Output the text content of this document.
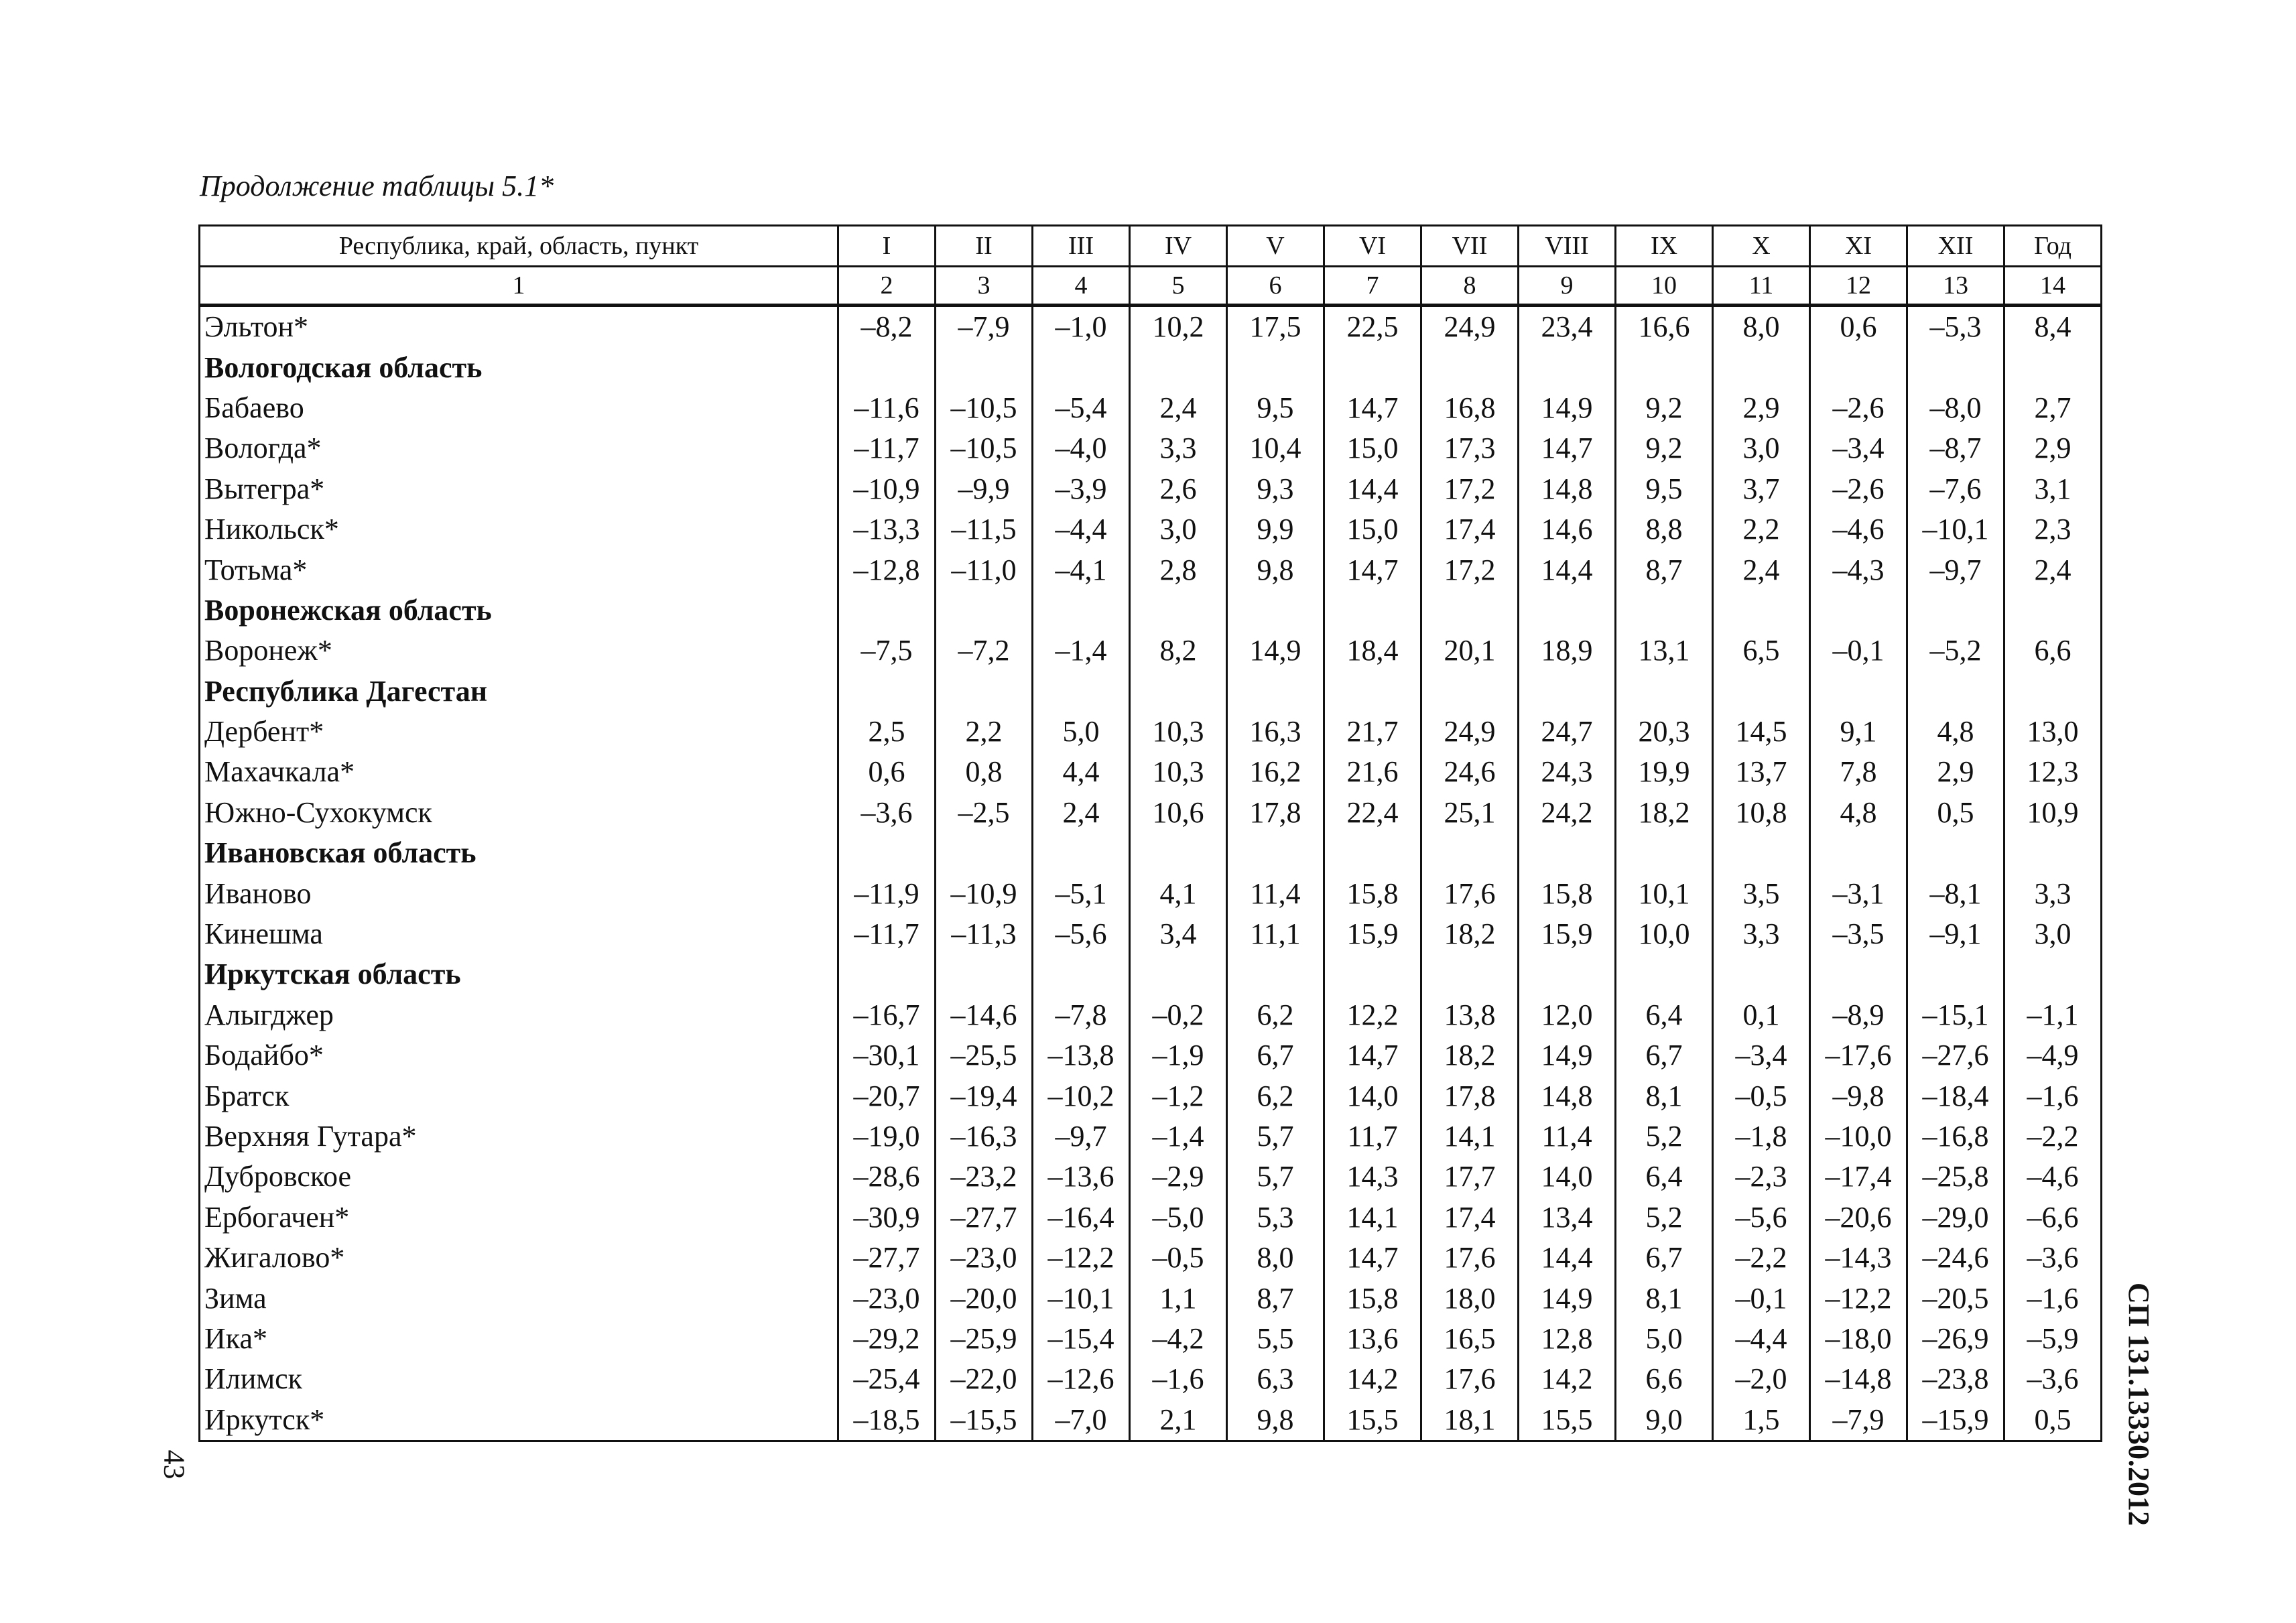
Продолжение таблицы 5.1*
Республика, край, область, пункт	I	II	III	IV	V	VI	VII	VIII	IX	X	XI	XII	Год
1	2	3	4	5	6	7	8	9	10	11	12	13	14
Эльтон*	–8,2	–7,9	–1,0	10,2	17,5	22,5	24,9	23,4	16,6	8,0	0,6	–5,3	8,4
Вологодская область													
Бабаево	–11,6	–10,5	–5,4	2,4	9,5	14,7	16,8	14,9	9,2	2,9	–2,6	–8,0	2,7
Вологда*	–11,7	–10,5	–4,0	3,3	10,4	15,0	17,3	14,7	9,2	3,0	–3,4	–8,7	2,9
Вытегра*	–10,9	–9,9	–3,9	2,6	9,3	14,4	17,2	14,8	9,5	3,7	–2,6	–7,6	3,1
Никольск*	–13,3	–11,5	–4,4	3,0	9,9	15,0	17,4	14,6	8,8	2,2	–4,6	–10,1	2,3
Тотьма*	–12,8	–11,0	–4,1	2,8	9,8	14,7	17,2	14,4	8,7	2,4	–4,3	–9,7	2,4
Воронежская область													
Воронеж*	–7,5	–7,2	–1,4	8,2	14,9	18,4	20,1	18,9	13,1	6,5	–0,1	–5,2	6,6
Республика Дагестан													
Дербент*	2,5	2,2	5,0	10,3	16,3	21,7	24,9	24,7	20,3	14,5	9,1	4,8	13,0
Махачкала*	0,6	0,8	4,4	10,3	16,2	21,6	24,6	24,3	19,9	13,7	7,8	2,9	12,3
Южно-Сухокумск	–3,6	–2,5	2,4	10,6	17,8	22,4	25,1	24,2	18,2	10,8	4,8	0,5	10,9
Ивановская область													
Иваново	–11,9	–10,9	–5,1	4,1	11,4	15,8	17,6	15,8	10,1	3,5	–3,1	–8,1	3,3
Кинешма	–11,7	–11,3	–5,6	3,4	11,1	15,9	18,2	15,9	10,0	3,3	–3,5	–9,1	3,0
Иркутская область													
Алыгджер	–16,7	–14,6	–7,8	–0,2	6,2	12,2	13,8	12,0	6,4	0,1	–8,9	–15,1	–1,1
Бодайбо*	–30,1	–25,5	–13,8	–1,9	6,7	14,7	18,2	14,9	6,7	–3,4	–17,6	–27,6	–4,9
Братск	–20,7	–19,4	–10,2	–1,2	6,2	14,0	17,8	14,8	8,1	–0,5	–9,8	–18,4	–1,6
Верхняя Гутара*	–19,0	–16,3	–9,7	–1,4	5,7	11,7	14,1	11,4	5,2	–1,8	–10,0	–16,8	–2,2
Дубровское	–28,6	–23,2	–13,6	–2,9	5,7	14,3	17,7	14,0	6,4	–2,3	–17,4	–25,8	–4,6
Ербогачен*	–30,9	–27,7	–16,4	–5,0	5,3	14,1	17,4	13,4	5,2	–5,6	–20,6	–29,0	–6,6
Жигалово*	–27,7	–23,0	–12,2	–0,5	8,0	14,7	17,6	14,4	6,7	–2,2	–14,3	–24,6	–3,6
Зима	–23,0	–20,0	–10,1	1,1	8,7	15,8	18,0	14,9	8,1	–0,1	–12,2	–20,5	–1,6
Ика*	–29,2	–25,9	–15,4	–4,2	5,5	13,6	16,5	12,8	5,0	–4,4	–18,0	–26,9	–5,9
Илимск	–25,4	–22,0	–12,6	–1,6	6,3	14,2	17,6	14,2	6,6	–2,0	–14,8	–23,8	–3,6
Иркутск*	–18,5	–15,5	–7,0	2,1	9,8	15,5	18,1	15,5	9,0	1,5	–7,9	–15,9	0,5
43	СП 131.13330.2012
